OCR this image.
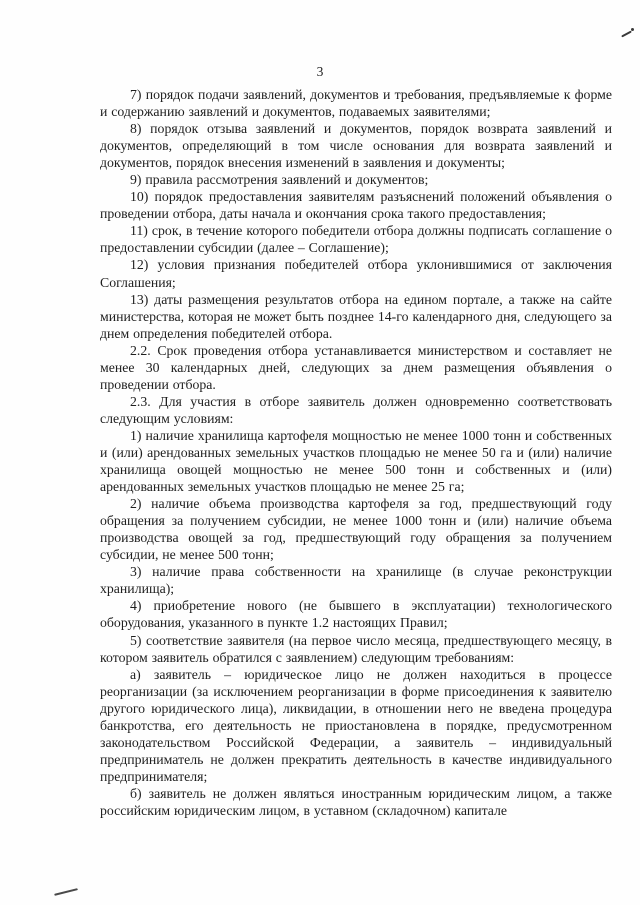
3

7) порядок подачи заявлений, документов и требования, предъявляемые к форме и содержанию заявлений и документов, подаваемых заявителями;

8) порядок отзыва заявлений и документов, порядок возврата заявлений и документов, определяющий в том числе основания для возврата заявлений и документов, порядок внесения изменений в заявления и документы;

9) правила рассмотрения заявлений и документов;

10) порядок предоставления заявителям разъяснений положений объявления о проведении отбора, даты начала и окончания срока такого предоставления;

11) срок, в течение которого победители отбора должны подписать соглашение о предоставлении субсидии (далее – Соглашение);

12) условия признания победителей отбора уклонившимися от заключения Соглашения;

13) даты размещения результатов отбора на едином портале, а также на сайте министерства, которая не может быть позднее 14-го календарного дня, следующего за днем определения победителей отбора.

2.2. Срок проведения отбора устанавливается министерством и составляет не менее 30 календарных дней, следующих за днем размещения объявления о проведении отбора.

2.3. Для участия в отборе заявитель должен одновременно соответствовать следующим условиям:

1) наличие хранилища картофеля мощностью не менее 1000 тонн и собственных и (или) арендованных земельных участков площадью не менее 50 га и (или) наличие хранилища овощей мощностью не менее 500 тонн и собственных и (или) арендованных земельных участков площадью не менее 25 га;

2) наличие объема производства картофеля за год, предшествующий году обращения за получением субсидии, не менее 1000 тонн и (или) наличие объема производства овощей за год, предшествующий году обращения за получением субсидии, не менее 500 тонн;

3) наличие права собственности на хранилище (в случае реконструкции хранилища);

4) приобретение нового (не бывшего в эксплуатации) технологического оборудования, указанного в пункте 1.2 настоящих Правил;

5) соответствие заявителя (на первое число месяца, предшествующего месяцу, в котором заявитель обратился с заявлением) следующим требованиям:

а) заявитель – юридическое лицо не должен находиться в процессе реорганизации (за исключением реорганизации в форме присоединения к заявителю другого юридического лица), ликвидации, в отношении него не введена процедура банкротства, его деятельность не приостановлена в порядке, предусмотренном законодательством Российской Федерации, а заявитель – индивидуальный предприниматель не должен прекратить деятельность в качестве индивидуального предпринимателя;

б) заявитель не должен являться иностранным юридическим лицом, а также российским юридическим лицом, в уставном (складочном) капитале
